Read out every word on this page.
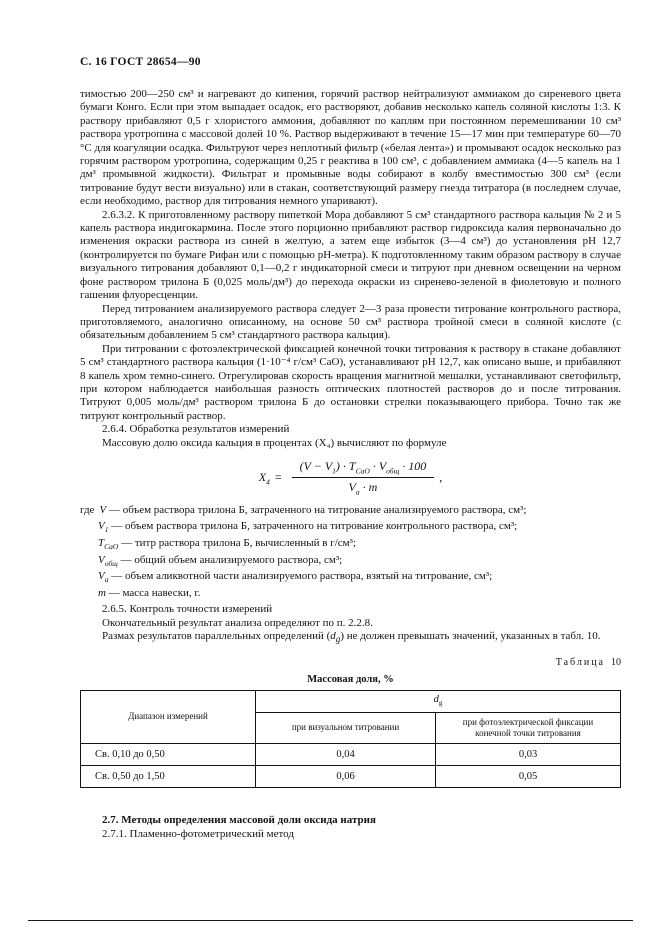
С. 16 ГОСТ 28654—90

тимостью 200—250 см³ и нагревают до кипения, горячий раствор нейтрализуют аммиаком до сиреневого цвета бумаги Конго. Если при этом выпадает осадок, его растворяют, добавив несколько капель соляной кислоты 1:3. К раствору прибавляют 0,5 г хлористого аммония, добавляют по каплям при постоянном перемешивании 10 см³ раствора уротропина с массовой долей 10 %. Раствор выдерживают в течение 15—17 мин при температуре 60—70 °С для коагуляции осадка. Фильтруют через неплотный фильтр («белая лента») и промывают осадок несколько раз горячим раствором уротропина, содержащим 0,25 г реактива в 100 см³, с добавлением аммиака (4—5 капель на 1 дм³ промывной жидкости). Фильтрат и промывные воды собирают в колбу вместимостью 300 см³ (если титрование будут вести визуально) или в стакан, соответствующий размеру гнезда титратора (в последнем случае, если необходимо, раствор для титрования немного упаривают).

2.6.3.2. К приготовленному раствору пипеткой Мора добавляют 5 см³ стандартного раствора кальция № 2 и 5 капель раствора индигокармина. После этого порционно прибавляют раствор гидроксида калия первоначально до изменения окраски раствора из синей в желтую, а затем еще избыток (3—4 см³) до установления рН 12,7 (контролируется по бумаге Рифан или с помощью рН-метра). К подготовленному таким образом раствору в случае визуального титрования добавляют 0,1—0,2 г индикаторной смеси и титруют при дневном освещении на черном фоне раствором трилона Б (0,025 моль/дм³) до перехода окраски из сиренево-зеленой в фиолетовую и полного гашения флуоресценции.

Перед титрованием анализируемого раствора следует 2—3 раза провести титрование контрольного раствора, приготовляемого, аналогично описанному, на основе 50 см³ раствора тройной смеси в соляной кислоте (с обязательным добавлением 5 см³ стандартного раствора кальция).

При титровании с фотоэлектрической фиксацией конечной точки титрования к раствору в стакане добавляют 5 см³ стандартного раствора кальция (1·10⁻⁴ г/см³ СаО), устанавливают рН 12,7, как описано выше, и прибавляют 8 капель хром темно-синего. Отрегулировав скорость вращения магнитной мешалки, устанавливают светофильтр, при котором наблюдается наибольшая разность оптических плотностей растворов до и после титрования. Титруют 0,005 моль/дм³ раствором трилона Б до остановки стрелки показывающего прибора. Точно так же титруют контрольный раствор.

2.6.4. Обработка результатов измерений

Массовую долю оксида кальция в процентах (Х₄) вычисляют по формуле

$Х_4 = \frac{(V - V_1) \cdot Т_{СаО} \cdot V_{общ} \cdot 100}{V_а \cdot m}$ ,

где V — объем раствора трилона Б, затраченного на титрование анализируемого раствора, см³;

$V_1$ — объем раствора трилона Б, затраченного на титрование контрольного раствора, см³;

$Т_{СаО}$ — титр раствора трилона Б, вычисленный в г/см³;

$V_{общ}$ — общий объем анализируемого раствора, см³;

$V_а$ — объем аликвотной части анализируемого раствора, взятый на титрование, см³;

m — масса навески, г.

2.6.5. Контроль точности измерений

Окончательный результат анализа определяют по п. 2.2.8.

Размах результатов параллельных определений $(d_g)$ не должен превышать значений, указанных в табл. 10.

Таблица 10
Массовая доля, %
Диапазон измерений	$d_g$
	при визуальном титровании	при фотоэлектрической фиксации конечной точки титрования
Св. 0,10 до 0,50	0,04	0,03
Св. 0,50 до 1,50	0,06	0,05

2.7. Методы определения массовой доли оксида натрия

2.7.1. Пламенно-фотометрический метод
